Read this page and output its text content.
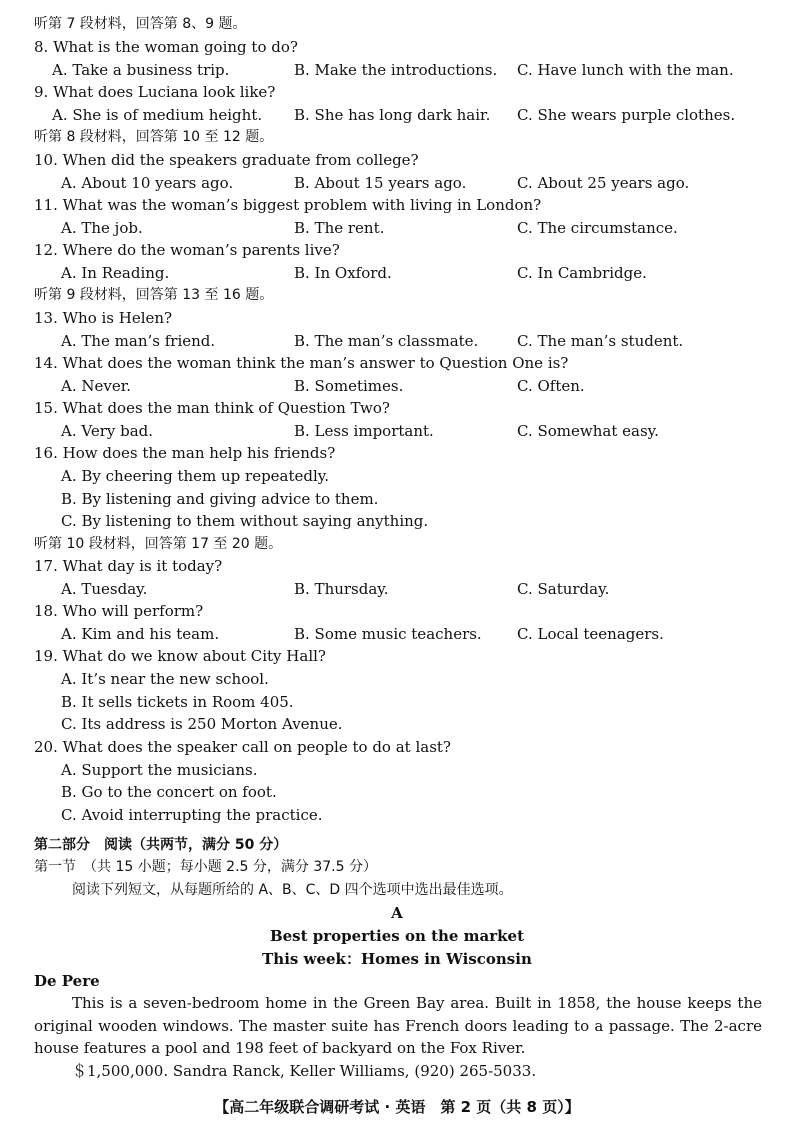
听第 7 段材料，回答第 8、9 题。
8. What is the woman going to do?
A. Take a business trip.	B. Make the introductions. C. Have lunch with the man.
9. What does Luciana look like?
A. She is of medium height. B. She has long dark hair. C. She wears purple clothes.
听第 8 段材料，回答第 10 至 12 题。
10. When did the speakers graduate from college?
A. About 10 years ago.	B. About 15 years ago.	C. About 25 years ago.
11. What was the woman’s biggest problem with living in London?
A. The job.	B. The rent.	C. The circumstance.
12. Where do the woman’s parents live?
A. In Reading.	B. In Oxford.	C. In Cambridge.
听第 9 段材料，回答第 13 至 16 题。
13. Who is Helen?
A. The man’s friend.	B. The man’s classmate.	C. The man’s student.
14. What does the woman think the man’s answer to Question One is?
A. Never.	B. Sometimes.	C. Often.
15. What does the man think of Question Two?
A. Very bad.	B. Less important.	C. Somewhat easy.
16. How does the man help his friends?
A. By cheering them up repeatedly.
B. By listening and giving advice to them.
C. By listening to them without saying anything.
听第 10 段材料，回答第 17 至 20 题。
17. What day is it today?
A. Tuesday.	B. Thursday.	C. Saturday.
18. Who will perform?
A. Kim and his team.	B. Some music teachers. C. Local teenagers.
19. What do we know about City Hall?
A. It’s near the new school.
B. It sells tickets in Room 405.
C. Its address is 250 Morton Avenue.
20. What does the speaker call on people to do at last?
A. Support the musicians.
B. Go to the concert on foot.
C. Avoid interrupting the practice.
第二部分　阅读（共两节，满分 50 分）
第一节　（共 15 小题；每小题 2.5 分，满分 37.5 分）
阅读下列短文，从每题所给的 A、B、C、D 四个选项中选出最佳选项。
A
Best properties on the market
This week：Homes in Wisconsin
De Pere
This is a seven-bedroom home in the Green Bay area. Built in 1858, the house keeps the original wooden windows. The master suite has French doors leading to a passage. The 2-acre house features a pool and 198 feet of backyard on the Fox River.
＄1,500,000. Sandra Ranck, Keller Williams, (920) 265-5033.
【高二年级联合调研考试 · 英语　第 2 页（共 8 页）】
